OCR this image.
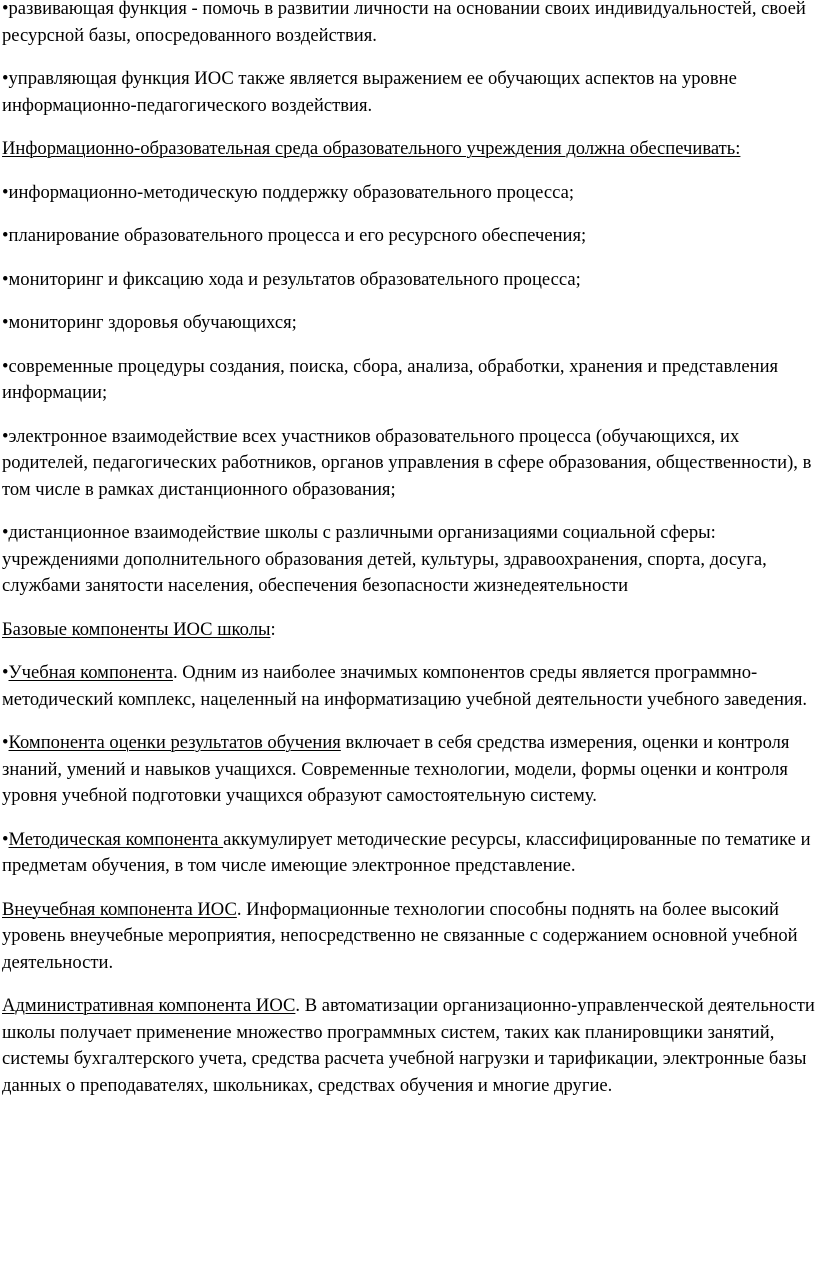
•развивающая функция - помочь в развитии личности на основании своих индивидуальностей, своей ресурсной базы, опосредованного воздействия.

•управляющая функция ИОС также является выражением ее обучающих аспектов на уровне информационно-педагогического воздействия.

Информационно-образовательная среда образовательного учреждения должна обеспечивать:

•информационно-методическую поддержку образовательного процесса;

•планирование образовательного процесса и его ресурсного обеспечения;

•мониторинг и фиксацию хода и результатов образовательного процесса;

•мониторинг здоровья обучающихся;

•современные процедуры создания, поиска, сбора, анализа, обработки, хранения и представления информации;

•электронное взаимодействие всех участников образовательного процесса (обучающихся, их родителей, педагогических работников, органов управления в сфере образования, общественности), в том числе в рамках дистанционного образования;

•дистанционное взаимодействие школы с различными организациями социальной сферы: учреждениями дополнительного образования детей, культуры, здравоохранения, спорта, досуга, службами занятости населения, обеспечения безопасности жизнедеятельности

Базовые компоненты ИОС школы:

•Учебная компонента. Одним из наиболее значимых компонентов среды является программно-методический комплекс, нацеленный на информатизацию учебной деятельности учебного заведения.

•Компонента оценки результатов обучения включает в себя средства измерения, оценки и контроля знаний, умений и навыков учащихся. Современные технологии, модели, формы оценки и контроля уровня учебной подготовки учащихся образуют самостоятельную систему.

•Методическая компонента аккумулирует методические ресурсы, классифицированные по тематике и предметам обучения, в том числе имеющие электронное представление.

Внеучебная компонента ИОС. Информационные технологии способны поднять на более высокий уровень внеучебные мероприятия, непосредственно не связанные с содержанием основной учебной деятельности.

Административная компонента ИОС. В автоматизации организационно-управленческой деятельности школы получает применение множество программных систем, таких как планировщики занятий, системы бухгалтерского учета, средства расчета учебной нагрузки и тарификации, электронные базы данных о преподавателях, школьниках, средствах обучения и многие другие.
